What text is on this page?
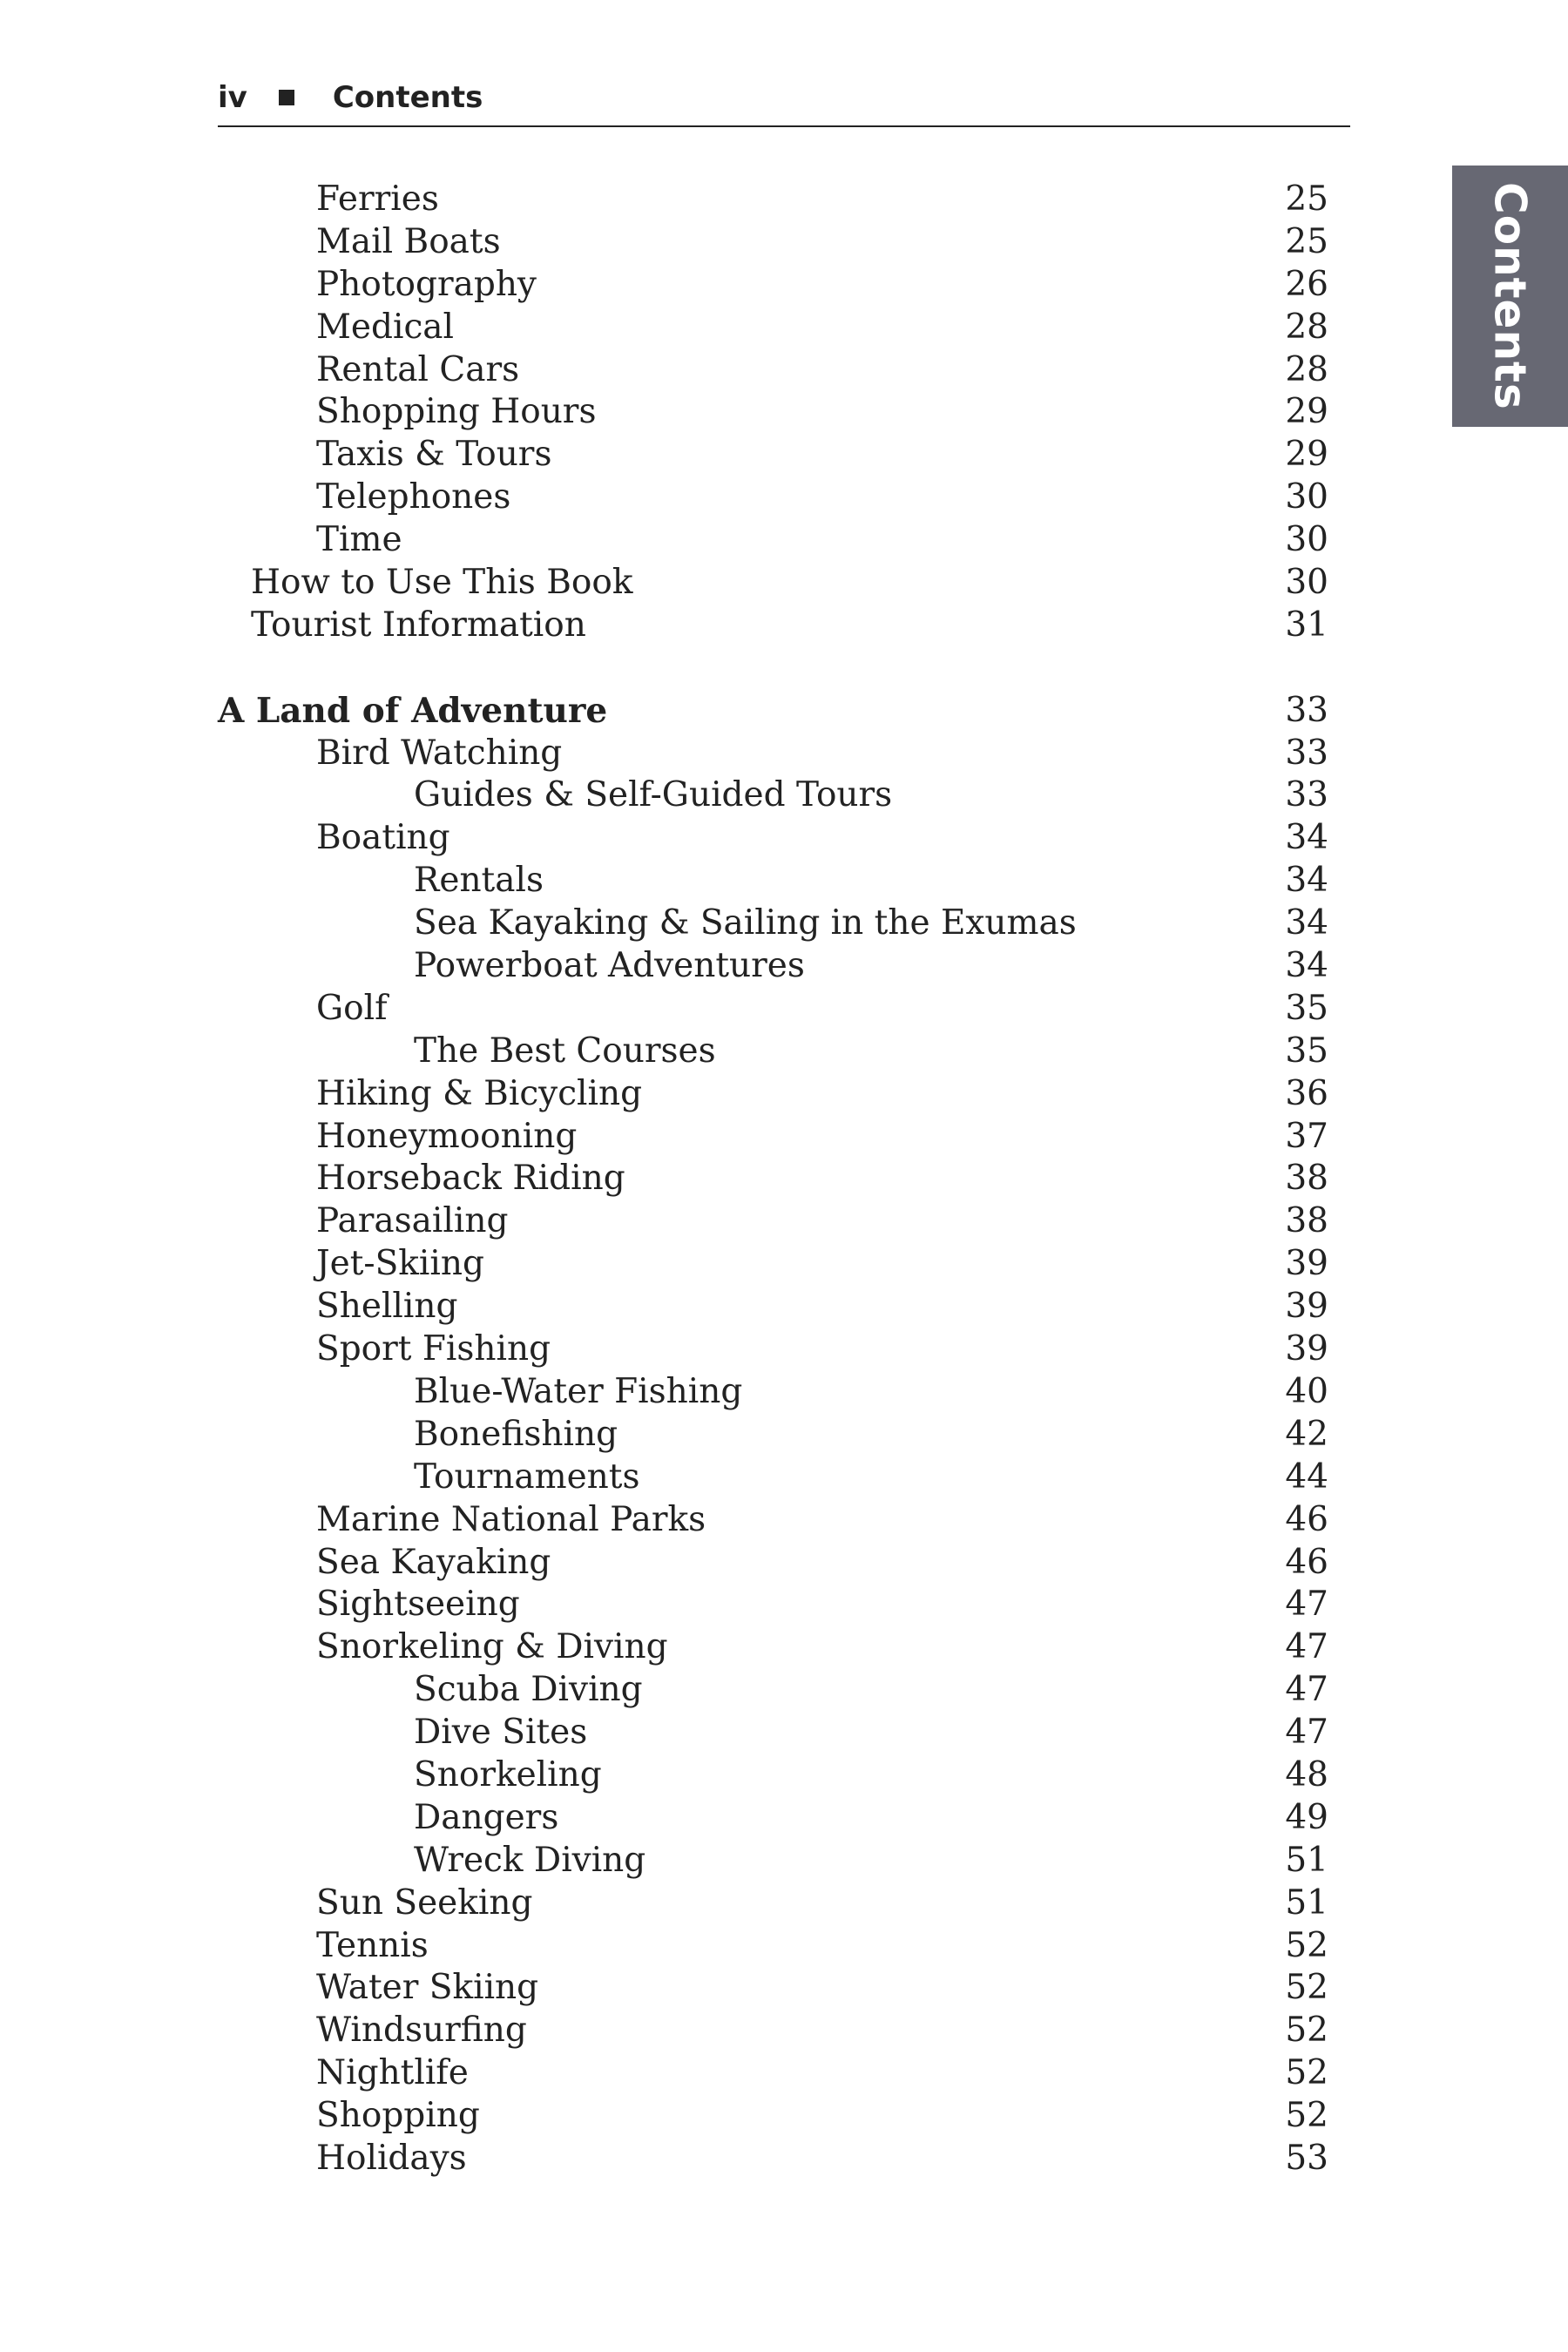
iv	Contents
Contents
Ferries	25
Mail Boats	25
Photography	26
Medical	28
Rental Cars	28
Shopping Hours	29
Taxis & Tours	29
Telephones	30
Time	30
How to Use This Book	30
Tourist Information	31
A Land of Adventure	33
Bird Watching	33
Guides & Self-Guided Tours	33
Boating	34
Rentals	34
Sea Kayaking & Sailing in the Exumas	34
Powerboat Adventures	34
Golf	35
The Best Courses	35
Hiking & Bicycling	36
Honeymooning	37
Horseback Riding	38
Parasailing	38
Jet-Skiing	39
Shelling	39
Sport Fishing	39
Blue-Water Fishing	40
Bonefishing	42
Tournaments	44
Marine National Parks	46
Sea Kayaking	46
Sightseeing	47
Snorkeling & Diving	47
Scuba Diving	47
Dive Sites	47
Snorkeling	48
Dangers	49
Wreck Diving	51
Sun Seeking	51
Tennis	52
Water Skiing	52
Windsurfing	52
Nightlife	52
Shopping	52
Holidays	53
